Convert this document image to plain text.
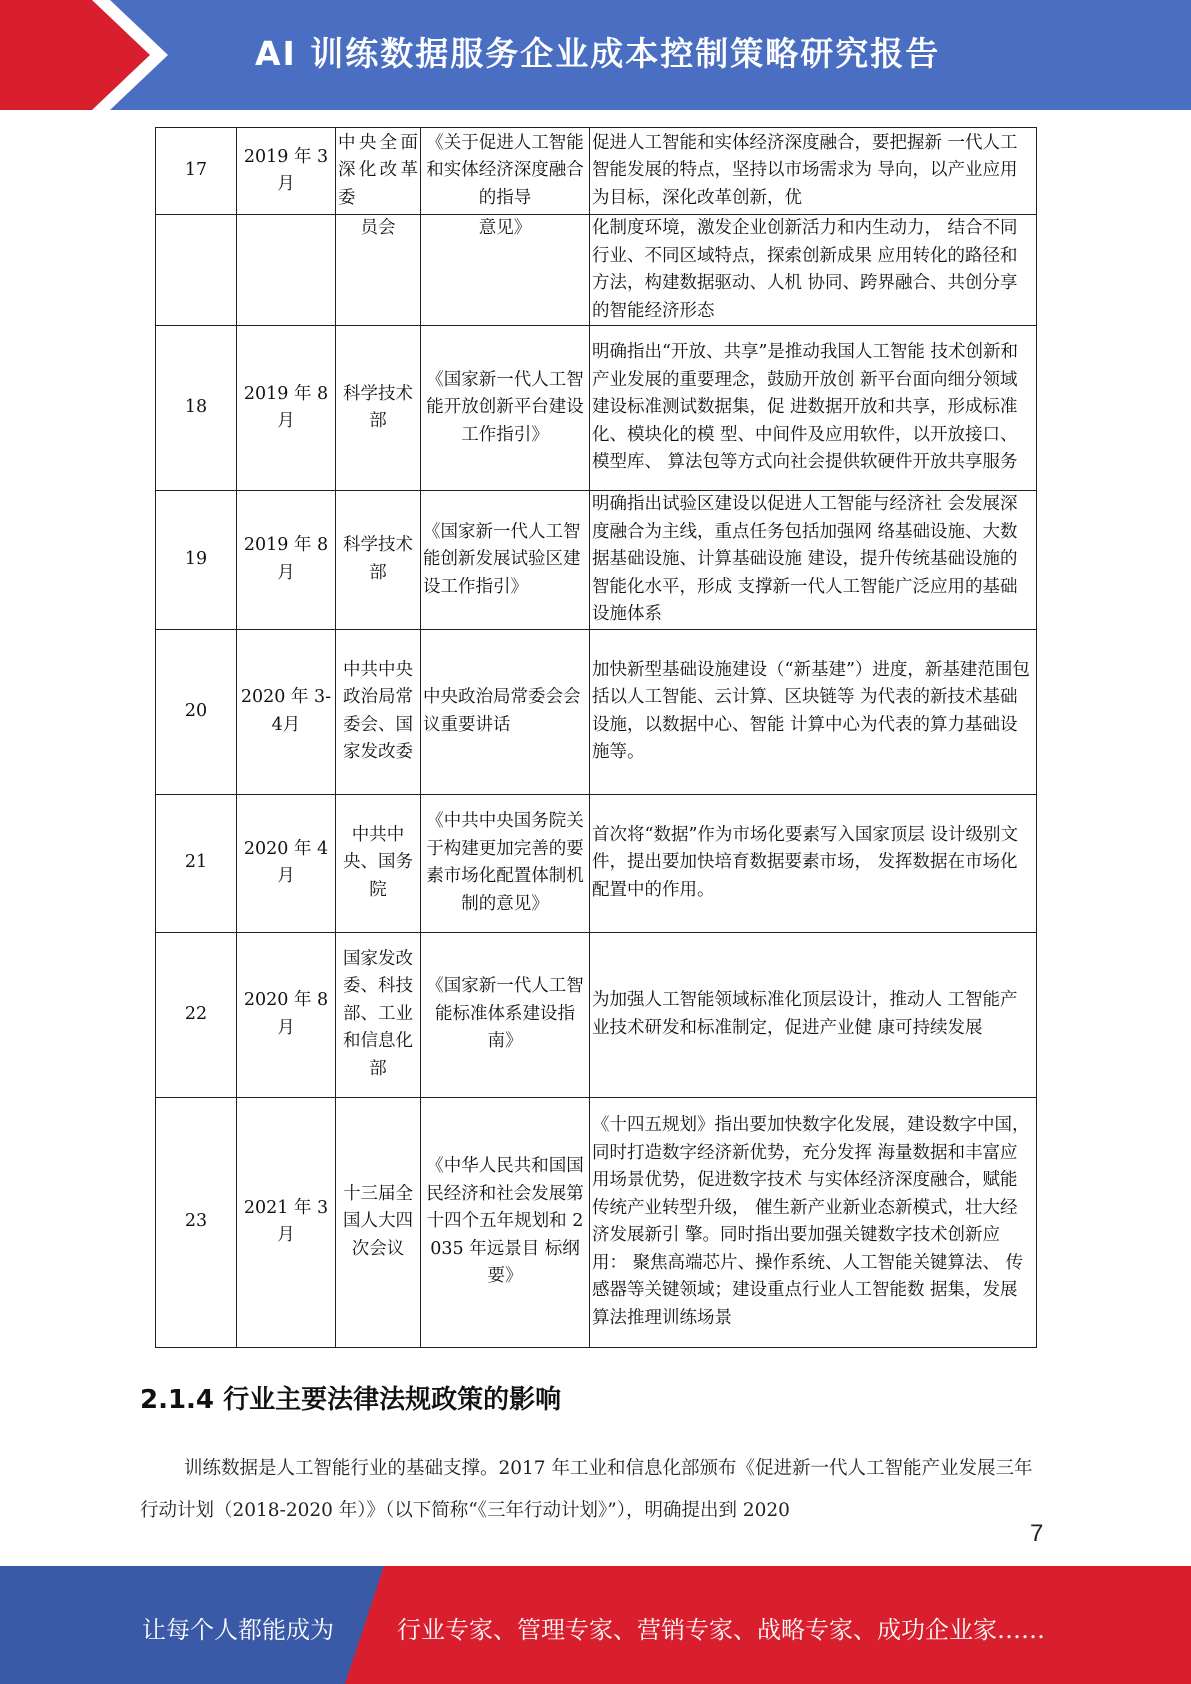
AI 训练数据服务企业成本控制策略研究报告
17	2019 年 3月	中央全面深化改革委	《关于促进人工智能和实体经济深度融合的指导	促进人工智能和实体经济深度融合，要把握新 一代人工智能发展的特点，坚持以市场需求为 导向，以产业应用为目标，深化改革创新，优
		员会	意见》	化制度环境，激发企业创新活力和内生动力， 结合不同行业、不同区域特点，探索创新成果 应用转化的路径和方法，构建数据驱动、人机 协同、跨界融合、共创分享的智能经济形态
18	2019 年 8月	科学技术部	《国家新一代人工智能开放创新平台建设工作指引》	明确指出“开放、共享”是推动我国人工智能 技术创新和产业发展的重要理念，鼓励开放创 新平台面向细分领域建设标准测试数据集，促 进数据开放和共享，形成标准化、模块化的模 型、中间件及应用软件，以开放接口、模型库、 算法包等方式向社会提供软硬件开放共享服务
19	2019 年 8月	科学技术部	《国家新一代人工智能创新发展试验区建设工作指引》	明确指出试验区建设以促进人工智能与经济社 会发展深度融合为主线，重点任务包括加强网 络基础设施、大数据基础设施、计算基础设施 建设，提升传统基础设施的智能化水平，形成 支撑新一代人工智能广泛应用的基础设施体系
20	2020 年 3-4月	中共中央政治局常委会、国家发改委	中央政治局常委会会议重要讲话	加快新型基础设施建设（“新基建”）进度，新基建范围包括以人工智能、云计算、区块链等 为代表的新技术基础设施，以数据中心、智能 计算中心为代表的算力基础设施等。
21	2020 年 4月	中共中央、国务院	《中共中央国务院关于构建更加完善的要素市场化配置体制机制的意见》	首次将“数据”作为市场化要素写入国家顶层 设计级别文件，提出要加快培育数据要素市场， 发挥数据在市场化配置中的作用。
22	2020 年 8月	国家发改委、科技部、工业和信息化部	《国家新一代人工智能标准体系建设指南》	为加强人工智能领域标准化顶层设计，推动人 工智能产业技术研发和标准制定，促进产业健 康可持续发展
23	2021 年 3月	十三届全国人大四次会议	《中华人民共和国国民经济和社会发展第十四个五年规划和 2035 年远景目 标纲要》	《十四五规划》指出要加快数字化发展，建设数字中国，同时打造数字经济新优势，充分发挥 海量数据和丰富应用场景优势，促进数字技术 与实体经济深度融合，赋能传统产业转型升级， 催生新产业新业态新模式，壮大经济发展新引 擎。同时指出要加强关键数字技术创新应用： 聚焦高端芯片、操作系统、人工智能关键算法、 传感器等关键领域；建设重点行业人工智能数 据集，发展算法推理训练场景
2.1.4 行业主要法律法规政策的影响

训练数据是人工智能行业的基础支撑。2017 年工业和信息化部颁布《促进新一代人工智能产业发展三年行动计划（2018-2020 年）》（以下简称“《三年行动计划》”），明确提出到 2020

7
让每个人都能成为	行业专家、管理专家、营销专家、战略专家、成功企业家……
